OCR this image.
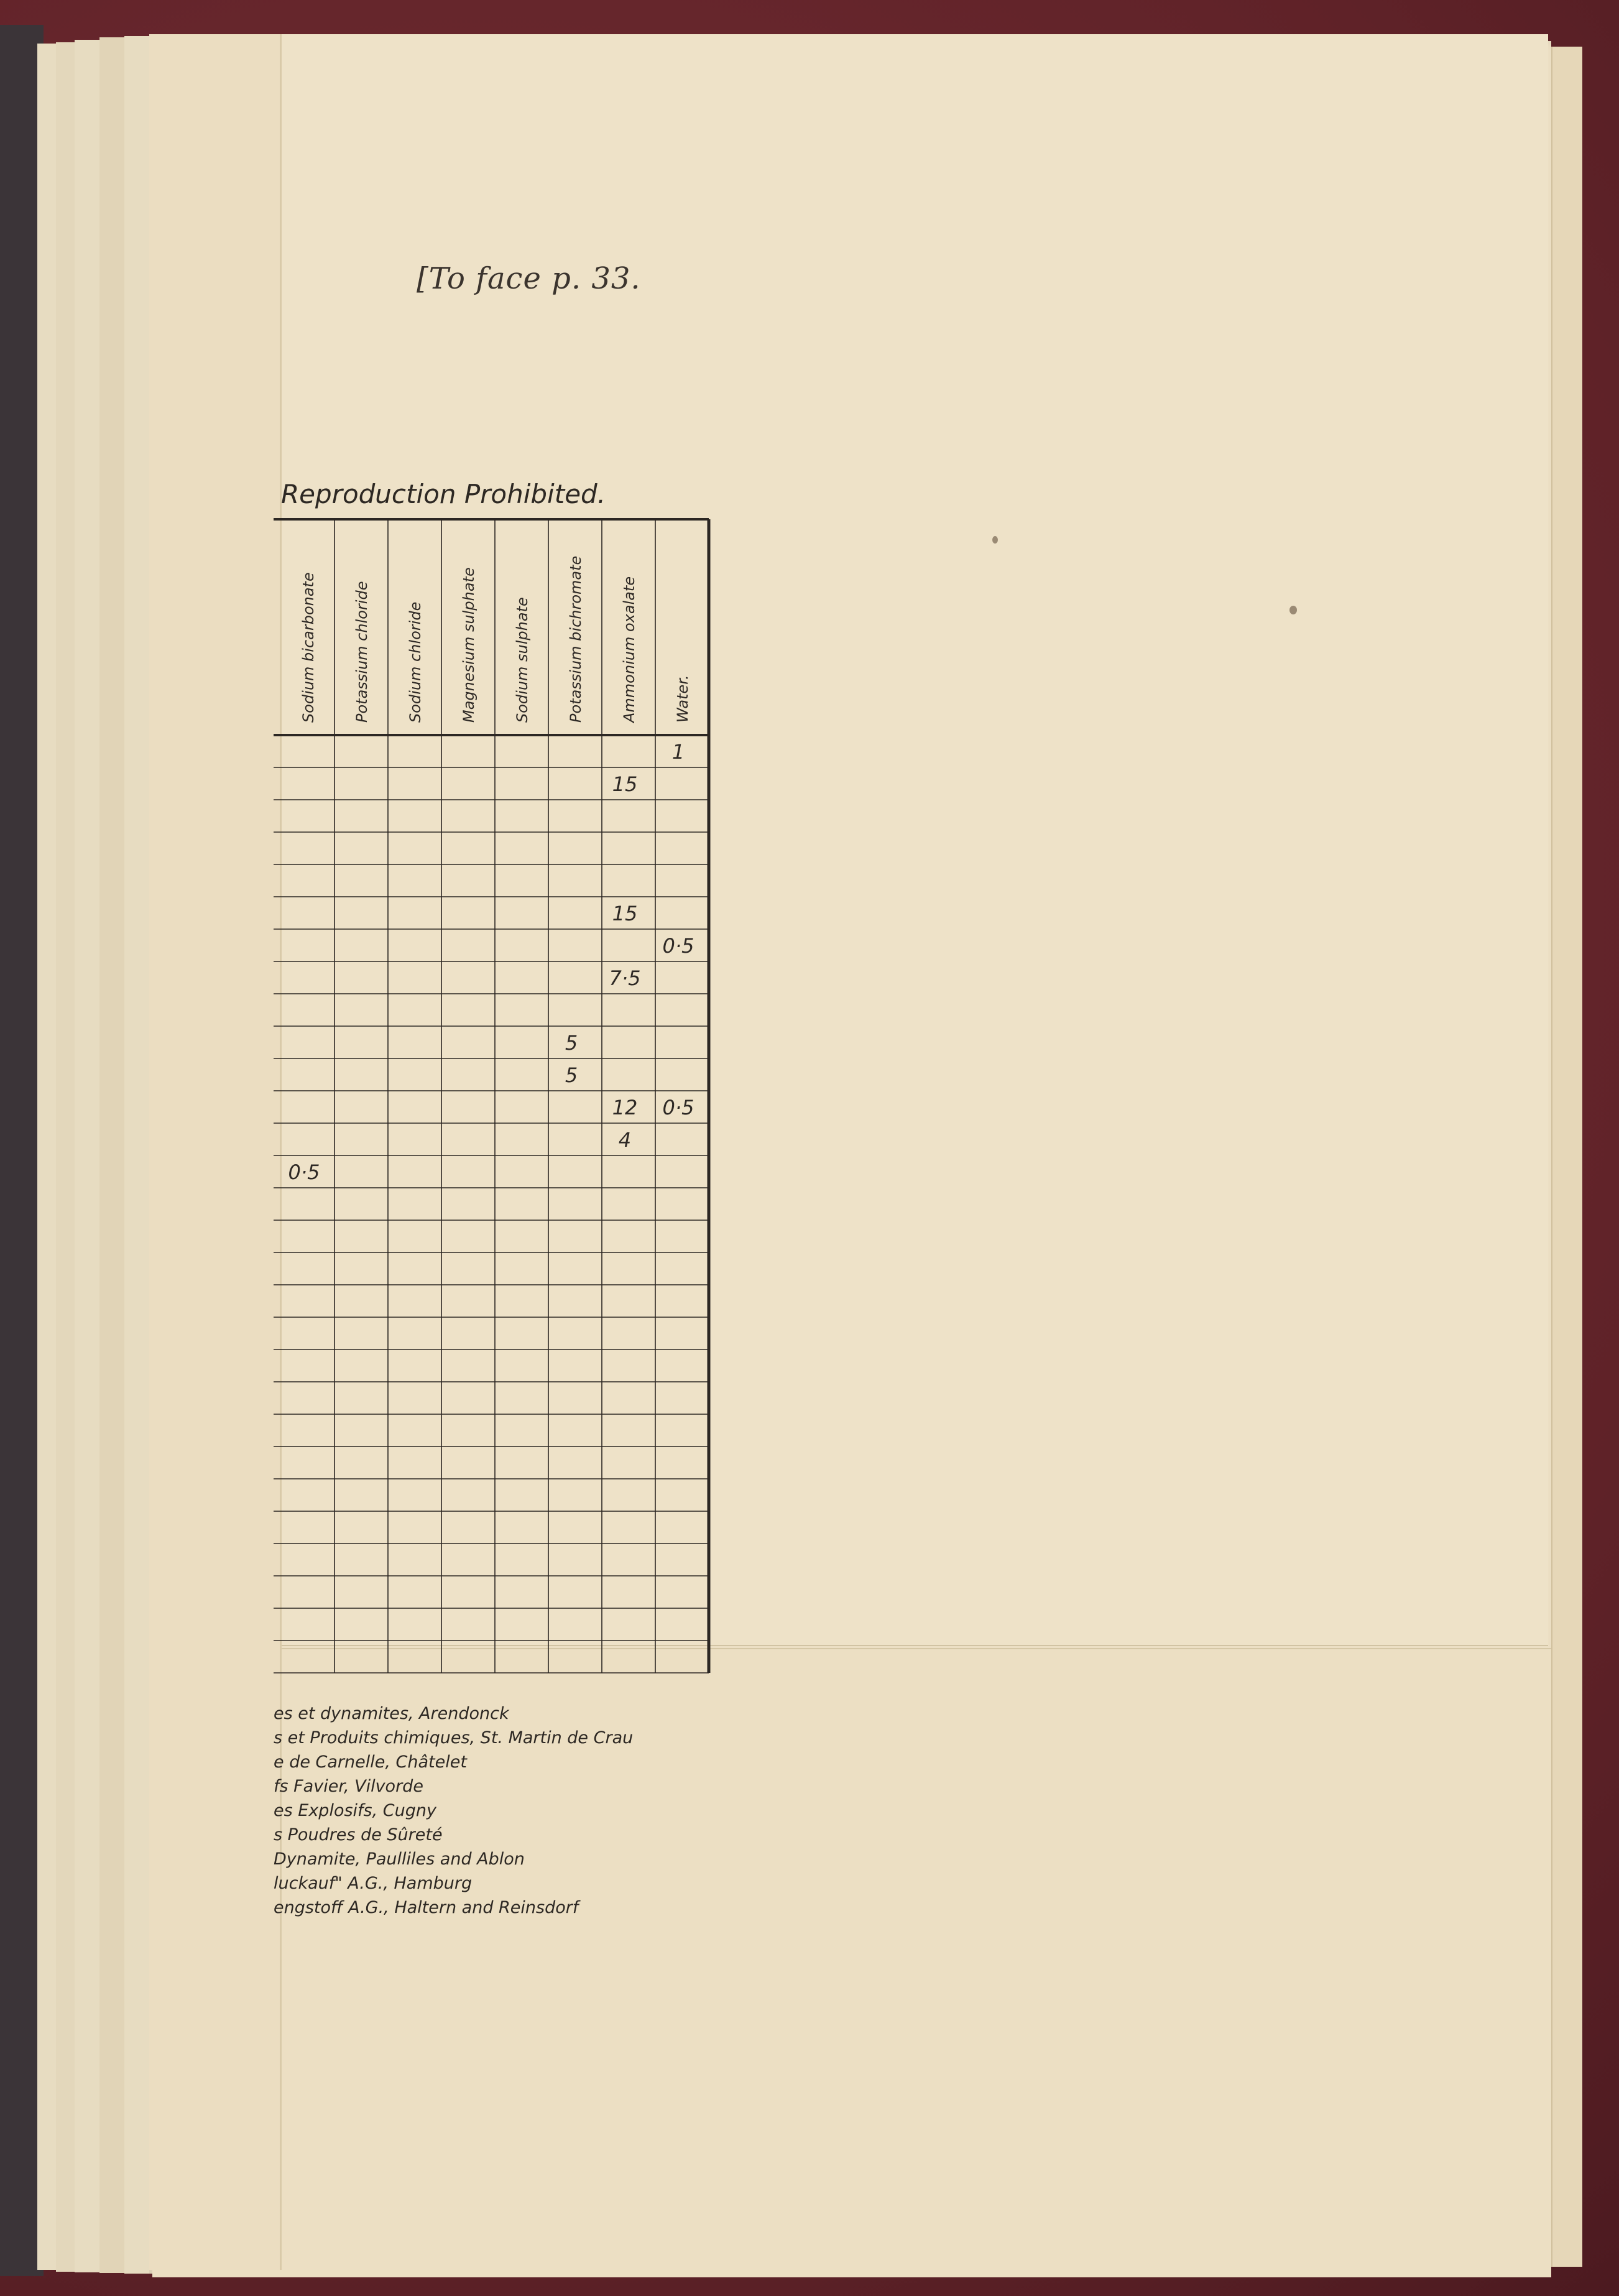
[To face p. 33.
Reproduction Prohibited.
Sodium bicarbonate Potassium chloride Sodium chloride Magnesium sulphate Sodium sulphate Potassium bichromate Ammonium oxalate Water.
1
15
15
0·5
7·5
5
5
12 0·5
4
0·5
es et dynamites, Arendonck
s et Produits chimiques, St. Martin de Crau
e de Carnelle, Châtelet
fs Favier, Vilvorde
es Explosifs, Cugny
s Poudres de Sûreté
Dynamite, Paulliles and Ablon
luckauf" A.G., Hamburg
engstoff A.G., Haltern and Reinsdorf
